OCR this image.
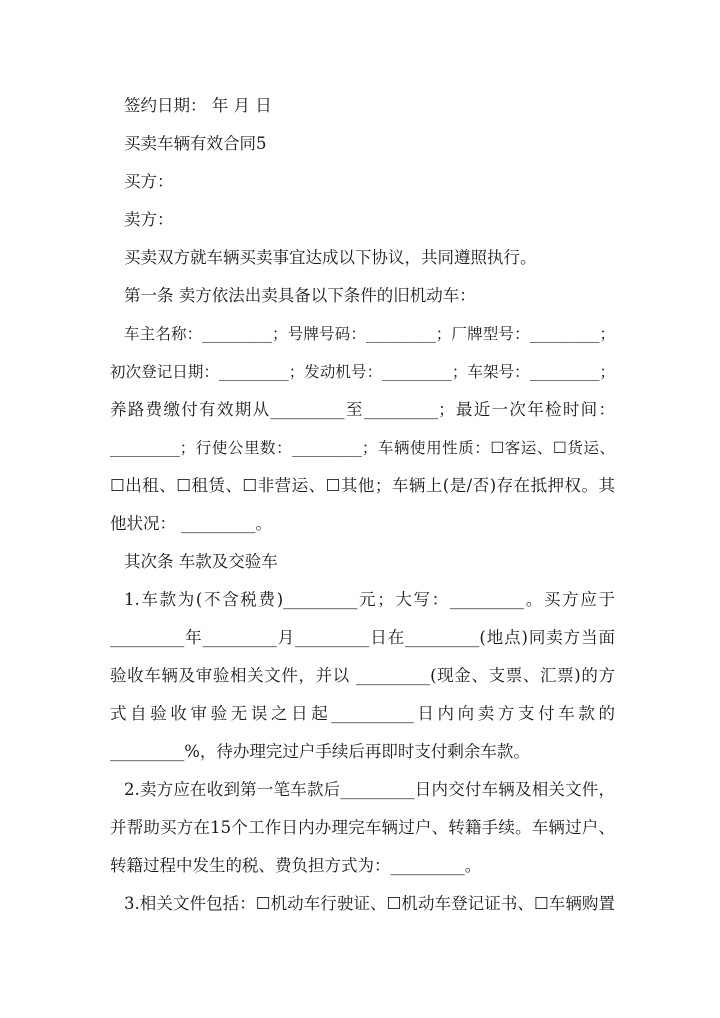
签约日期： 年 月 日
买卖车辆有效合同5
买方：
卖方：
买卖双方就车辆买卖事宜达成以下协议，共同遵照执行。
第一条 卖方依法出卖具备以下条件的旧机动车：
车主名称：_________；号牌号码：_________；厂牌型号：_________；
初次登记日期：_________；发动机号：_________；车架号：_________；
养路费缴付有效期从_________至_________；最近一次年检时间：
_________；行使公里数：_________；车辆使用性质：☐客运、☐货运、
☐出租、☐租赁、☐非营运、☐其他；车辆上(是/否)存在抵押权。其
他状况： _________。
其次条 车款及交验车
1.车款为(不含税费)_________元；大写：_________。买方应于
_________年_________月_________日在_________(地点)同卖方当面
验收车辆及审验相关文件，并以 _________(现金、支票、汇票)的方
式自验收审验无误之日起__________日内向卖方支付车款的
_________%，待办理完过户手续后再即时支付剩余车款。
2.卖方应在收到第一笔车款后_________日内交付车辆及相关文件，
并帮助买方在15个工作日内办理完车辆过户、转籍手续。车辆过户、
转籍过程中发生的税、费负担方式为：_________。
3.相关文件包括：☐机动车行驶证、☐机动车登记证书、☐车辆购置
